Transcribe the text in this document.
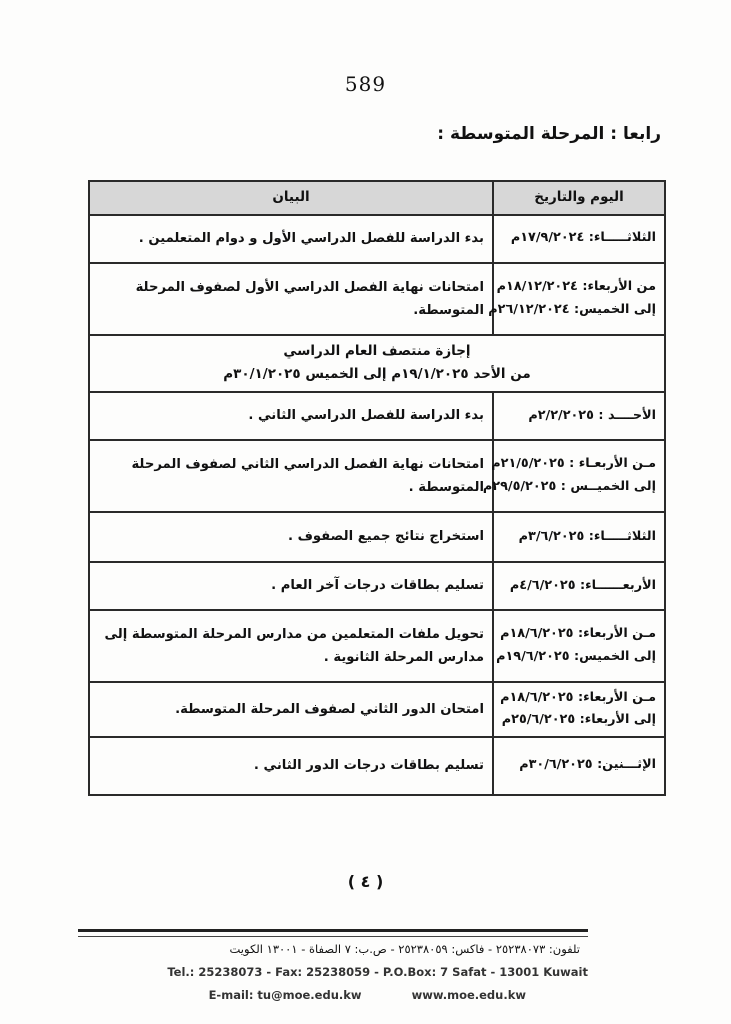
589
رابعا : المرحلة المتوسطة :
اليوم والتاريخ	البيان

الثلاثـــــاء: ١٧/٩/٢٠٢٤م	بدء الدراسة للفصل الدراسي الأول و دوام المتعلمين .

من الأربعاء: ١٨/١٢/٢٠٢٤م
إلى الخميس: ٢٦/١٢/٢٠٢٤م	امتحانات نهاية الفصل الدراسي الأول لصفوف المرحلة المتوسطة.

إجازة منتصف العام الدراسي
من الأحد ١٩/١/٢٠٢٥م إلى الخميس ٣٠/١/٢٠٢٥م	

الأحــــد : ٢/٢/٢٠٢٥م	بدء الدراسة للفصل الدراسي الثاني .

مـن الأربعـاء : ٢١/٥/٢٠٢٥م
إلى الخميــس : ٢٩/٥/٢٠٢٥م	امتحانات نهاية الفصل الدراسي الثاني لصفوف المرحلة المتوسطة .

الثلاثـــــاء: ٣/٦/٢٠٢٥م	استخراج نتائج جميع الصفوف .

الأربعــــــاء: ٤/٦/٢٠٢٥م	تسليم بطاقات درجات آخر العام .

مـن الأربعاء: ١٨/٦/٢٠٢٥م
إلى الخميس: ١٩/٦/٢٠٢٥م	تحويل ملفات المتعلمين من مدارس المرحلة المتوسطة إلى مدارس المرحلة الثانوية .

مـن الأربعاء: ١٨/٦/٢٠٢٥م
إلى الأربعاء: ٢٥/٦/٢٠٢٥م	امتحان الدور الثاني لصفوف المرحلة المتوسطة.

الإثـــنين: ٣٠/٦/٢٠٢٥م	تسليم بطاقات درجات الدور الثاني .
( ٤ )
تلفون: ٢٥٢٣٨٠٧٣ - فاكس: ٢٥٢٣٨٠٥٩ - ص.ب: ٧ الصفاة - ١٣٠٠١ الكويت
Tel.: 25238073 - Fax: 25238059 - P.O.Box: 7 Safat - 13001 Kuwait
E-mail: tu@moe.edu.kw	www.moe.edu.kw
